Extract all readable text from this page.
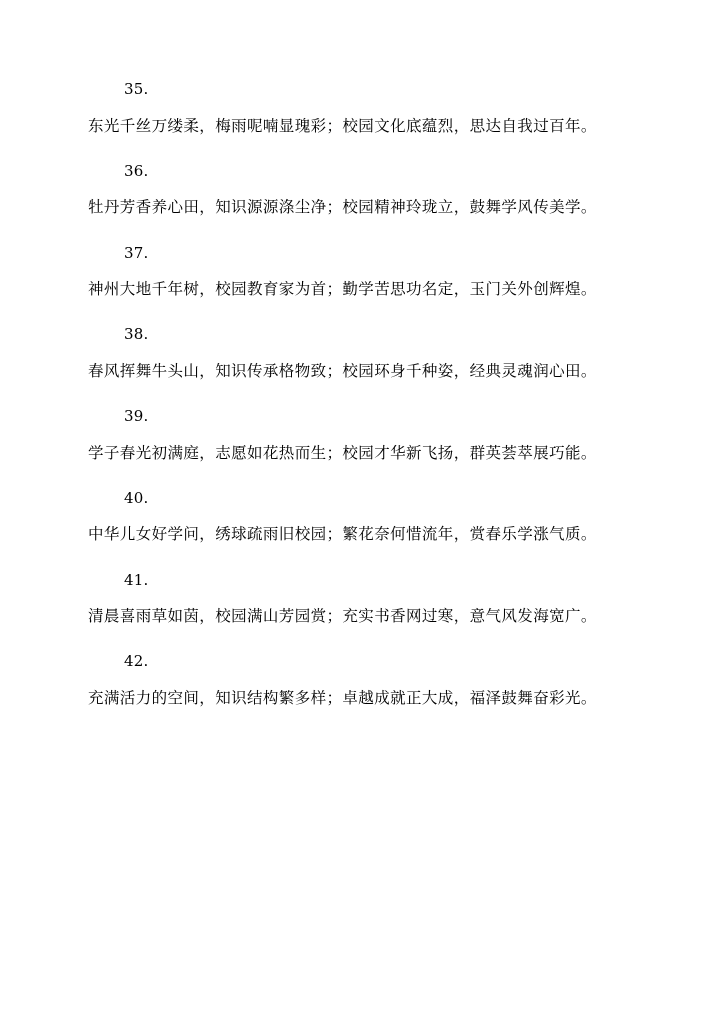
35.

东光千丝万缕柔，梅雨呢喃显瑰彩；校园文化底蕴烈，思达自我过百年。

36.

牡丹芳香养心田，知识源源涤尘净；校园精神玲珑立，鼓舞学风传美学。

37.

神州大地千年树，校园教育家为首；勤学苦思功名定，玉门关外创辉煌。

38.

春风挥舞牛头山，知识传承格物致；校园环身千种姿，经典灵魂润心田。

39.

学子春光初满庭，志愿如花热而生；校园才华新飞扬，群英荟萃展巧能。

40.

中华儿女好学问，绣球疏雨旧校园；繁花奈何惜流年，赏春乐学涨气质。

41.

清晨喜雨草如茵，校园满山芳园赏；充实书香网过寒，意气风发海宽广。

42.

充满活力的空间，知识结构繁多样；卓越成就正大成，福泽鼓舞奋彩光。
